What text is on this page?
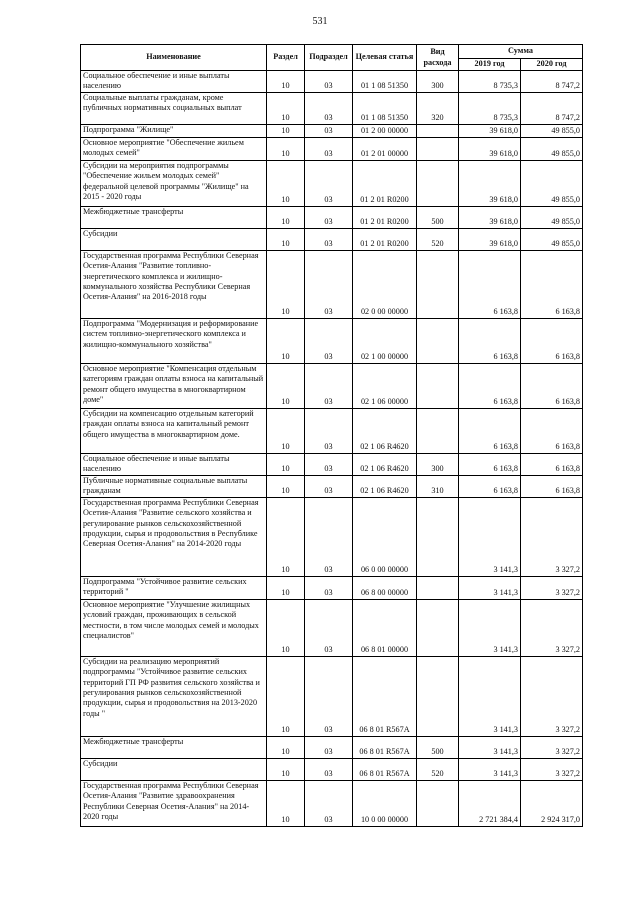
531
Наименование	Раздел	Подраздел	Целевая статья	Вид расхода	Сумма	
					2019 год	2020 год
Социальное обеспечение и иные выплаты населению	10	03	01 1 08 51350	300	8 735,3	8 747,2
Социальные выплаты гражданам, кроме публичных нормативных социальных выплат	10	03	01 1 08 51350	320	8 735,3	8 747,2
Подпрограмма "Жилище"	10	03	01 2 00 00000		39 618,0	49 855,0
Основное мероприятие "Обеспечение жильем молодых семей"	10	03	01 2 01 00000		39 618,0	49 855,0
Субсидии на мероприятия подпрограммы "Обеспечение жильем молодых семей" федеральной целевой программы "Жилище" на 2015 - 2020 годы	10	03	01 2 01 R0200		39 618,0	49 855,0
Межбюджетные трансферты	10	03	01 2 01 R0200	500	39 618,0	49 855,0
Субсидии	10	03	01 2 01 R0200	520	39 618,0	49 855,0
Государственная программа Республики Северная Осетия-Алания "Развитие топливно-энергетического комплекса и жилищно-коммунального хозяйства Республики Северная Осетия-Алания" на 2016-2018 годы	10	03	02 0 00 00000		6 163,8	6 163,8
Подпрограмма "Модернизация и реформирование систем топливно-энергетического комплекса и жилищно-коммунального хозяйства"	10	03	02 1 00 00000		6 163,8	6 163,8
Основное мероприятие "Компенсация отдельным категориям граждан оплаты взноса на капитальный ремонт общего имущества в многоквартирном доме"	10	03	02 1 06 00000		6 163,8	6 163,8
Субсидии на компенсацию отдельным категорий граждан оплаты взноса на капитальный ремонт общего имущества в многоквартирном доме.	10	03	02 1 06 R4620		6 163,8	6 163,8
Социальное обеспечение и иные выплаты населению	10	03	02 1 06 R4620	300	6 163,8	6 163,8
Публичные нормативные социальные выплаты гражданам	10	03	02 1 06 R4620	310	6 163,8	6 163,8
Государственная программа Республики Северная Осетия-Алания "Развитие сельского хозяйства и регулирование рынков сельскохозяйственной продукции, сырья и продовольствия в Республике Северная Осетия-Алания" на 2014-2020 годы	10	03	06 0 00 00000		3 141,3	3 327,2
Подпрограмма "Устойчивое развитие сельских территорий "	10	03	06 8 00 00000		3 141,3	3 327,2
Основное мероприятие "Улучшение жилищных условий граждан, проживающих в сельской местности, в том числе молодых семей и молодых специалистов"	10	03	06 8 01 00000		3 141,3	3 327,2
Субсидии на реализацию мероприятий подпрограммы "Устойчивое развитие сельских территорий ГП РФ развития сельского хозяйства и регулирования рынков сельскохозяйственной продукции, сырья и продовольствия на 2013-2020 годы "	10	03	06 8 01 R567A		3 141,3	3 327,2
Межбюджетные трансферты	10	03	06 8 01 R567A	500	3 141,3	3 327,2
Субсидии	10	03	06 8 01 R567A	520	3 141,3	3 327,2
Государственная программа Республики Северная Осетия-Алания "Развитие здравоохранения Республики Северная Осетия-Алания" на 2014-2020 годы	10	03	10 0 00 00000		2 721 384,4	2 924 317,0
